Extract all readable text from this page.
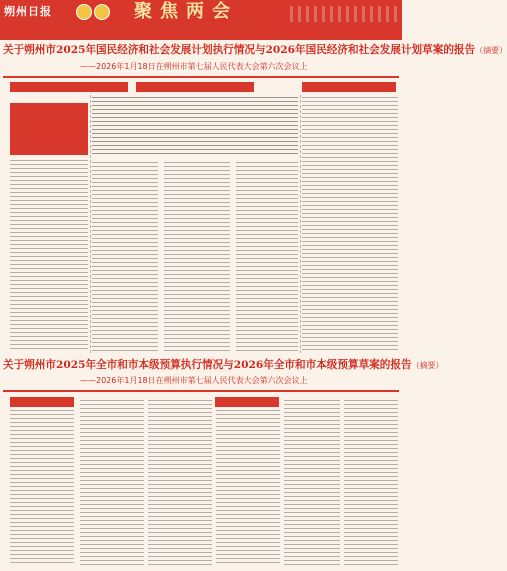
朔州日报	聚焦两会
关于朔州市2025年国民经济和社会发展计划执行情况与2026年国民经济和社会发展计划草案的报告（摘要）
——2026年1月18日在朔州市第七届人民代表大会第六次会议上
关于朔州市2025年全市和市本级预算执行情况与2026年全市和市本级预算草案的报告（摘要）
——2026年1月18日在朔州市第七届人民代表大会第六次会议上
